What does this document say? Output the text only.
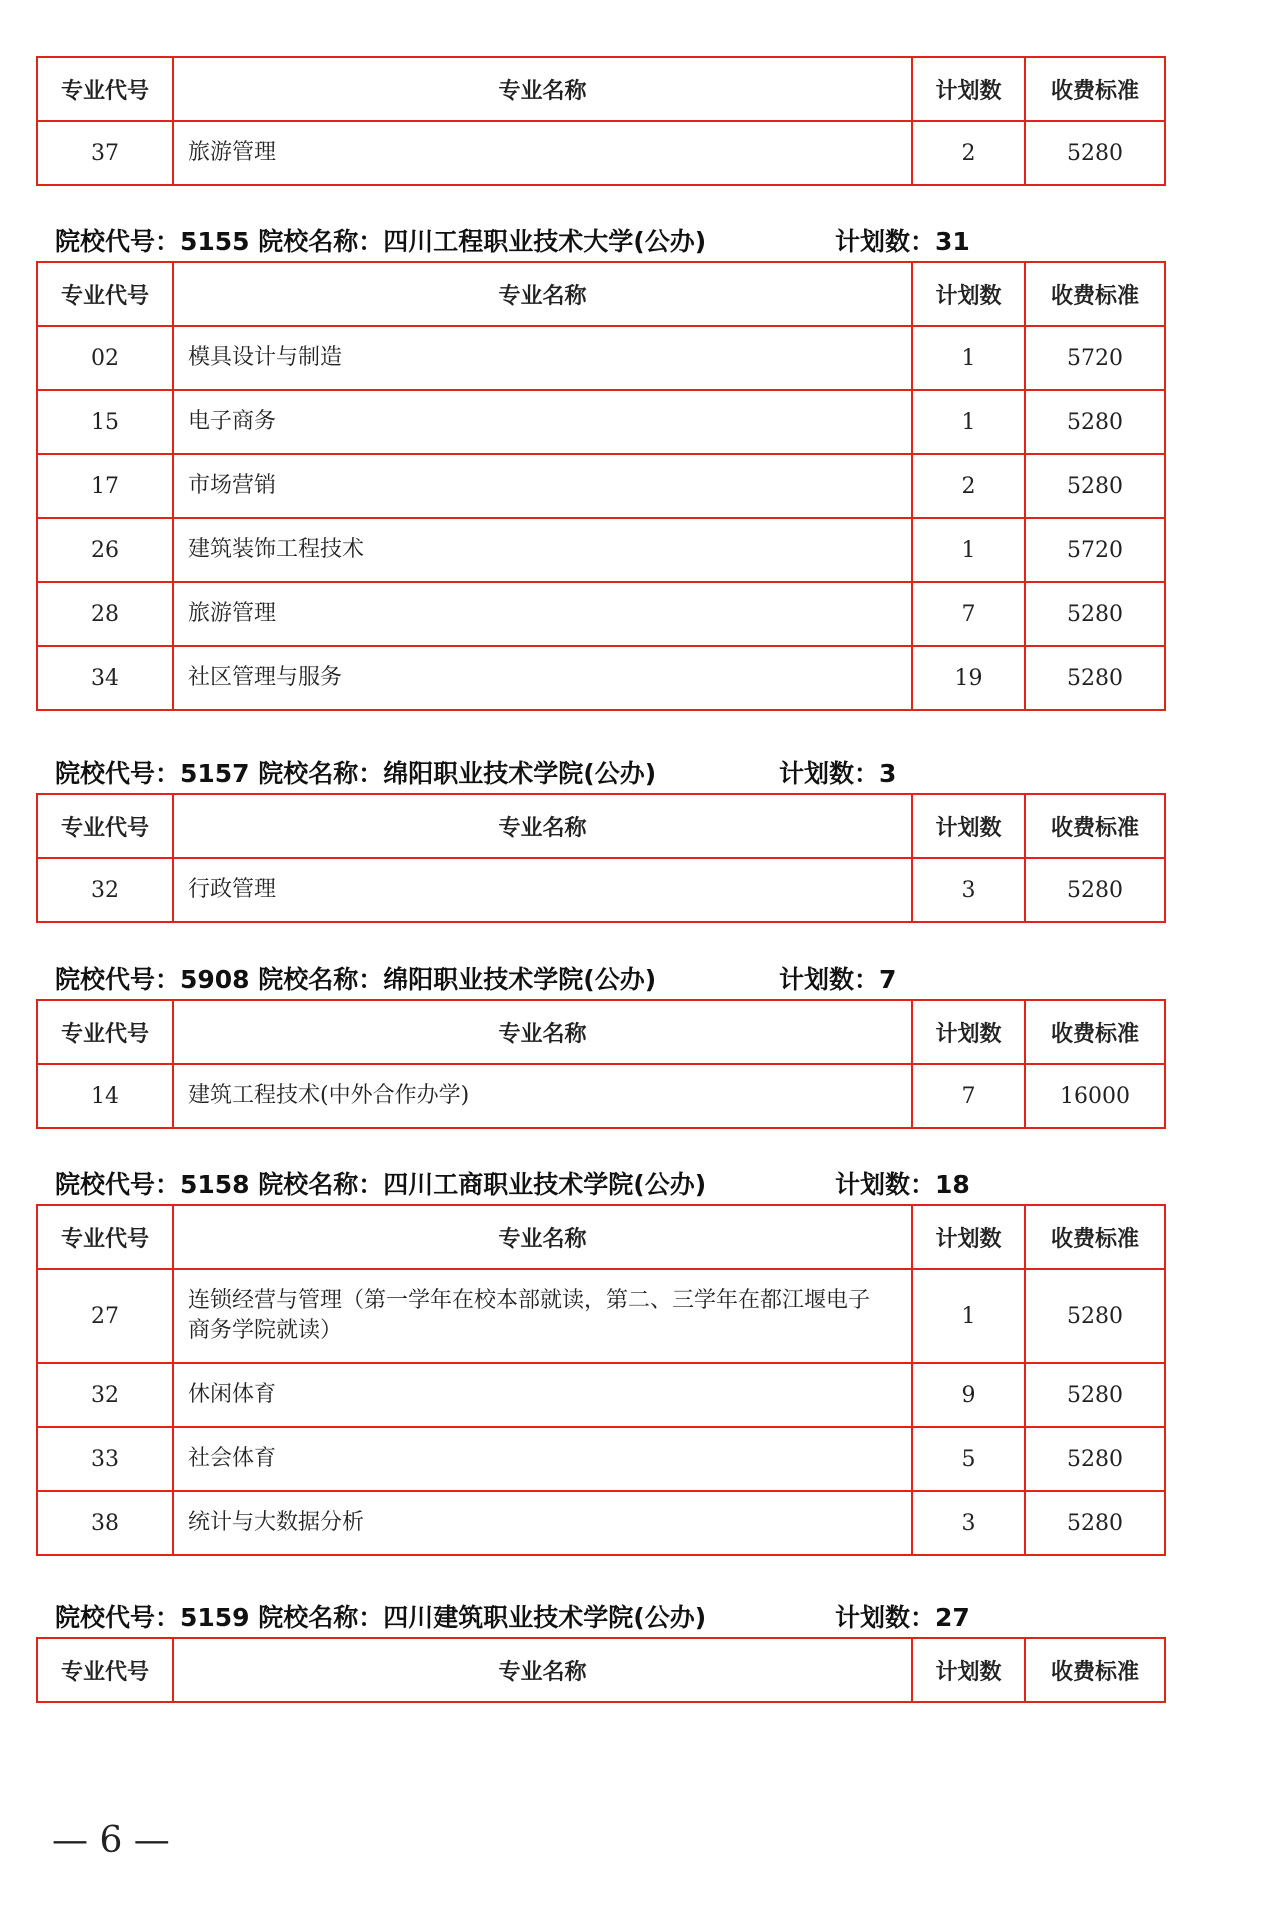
专业代号	专业名称	计划数	收费标准
37	旅游管理	2	5280
院校代号：5155 院校名称：四川工程职业技术大学(公办)	计划数：31
专业代号	专业名称	计划数	收费标准
02	模具设计与制造	1	5720
15	电子商务	1	5280
17	市场营销	2	5280
26	建筑装饰工程技术	1	5720
28	旅游管理	7	5280
34	社区管理与服务	19	5280
院校代号：5157 院校名称：绵阳职业技术学院(公办)	计划数：3
专业代号	专业名称	计划数	收费标准
32	行政管理	3	5280
院校代号：5908 院校名称：绵阳职业技术学院(公办)	计划数：7
专业代号	专业名称	计划数	收费标准
14	建筑工程技术(中外合作办学)	7	16000
院校代号：5158 院校名称：四川工商职业技术学院(公办)	计划数：18
专业代号	专业名称	计划数	收费标准
27	连锁经营与管理（第一学年在校本部就读，第二、三学年在都江堰电子商务学院就读）	1	5280
32	休闲体育	9	5280
33	社会体育	5	5280
38	统计与大数据分析	3	5280
院校代号：5159 院校名称：四川建筑职业技术学院(公办)	计划数：27
专业代号	专业名称	计划数	收费标准
— 6 —
